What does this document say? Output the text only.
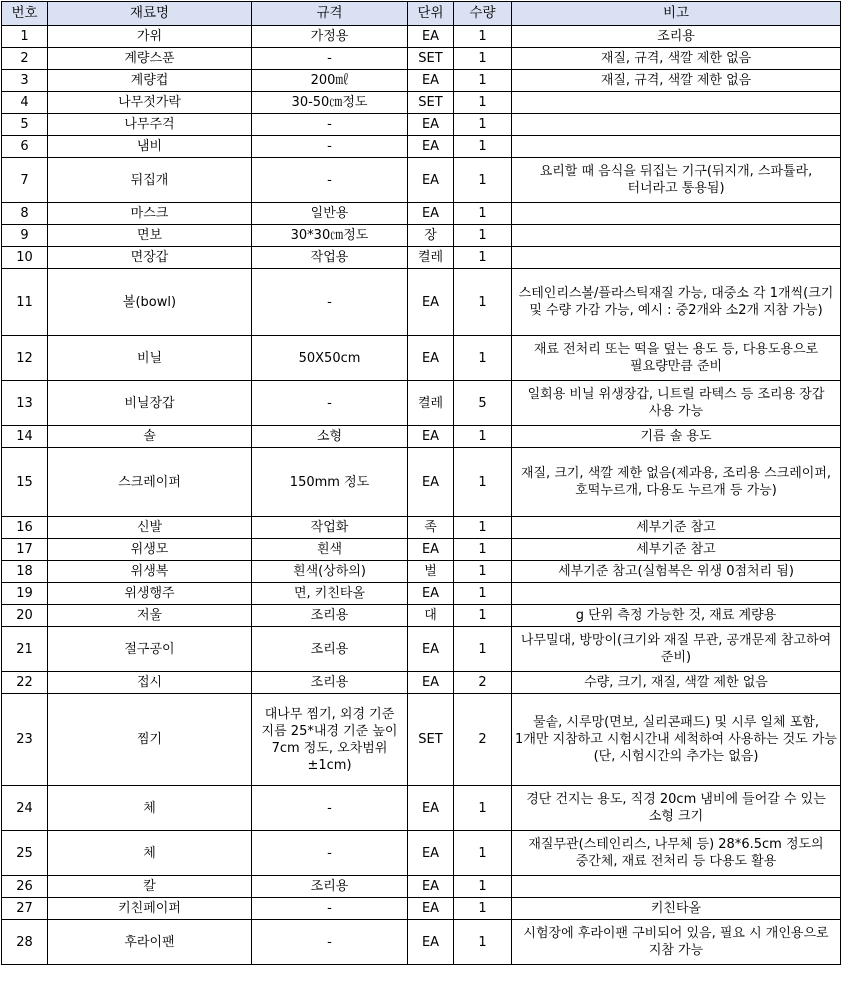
번호	재료명	규격	단위	수량	비고
1	가위	가정용	EA	1	조리용
2	계량스푼	-	SET	1	재질, 규격, 색깔 제한 없음
3	계량컵	200㎖	EA	1	재질, 규격, 색깔 제한 없음
4	나무젓가락	30-50㎝정도	SET	1	
5	나무주걱	-	EA	1	
6	냄비	-	EA	1	
7	뒤집개	-	EA	1	요리할 때 음식을 뒤집는 기구(뒤지개, 스파튤라, 터너라고 통용됨)
8	마스크	일반용	EA	1	
9	면보	30*30㎝정도	장	1	
10	면장갑	작업용	켤레	1	
11	볼(bowl)	-	EA	1	스테인리스볼/플라스틱재질 가능, 대중소 각 1개씩(크기 및 수량 가감 가능, 예시 : 중2개와 소2개 지참 가능)
12	비닐	50X50cm	EA	1	재료 전처리 또는 떡을 덮는 용도 등, 다용도용으로 필요량만큼 준비
13	비닐장갑	-	켤레	5	일회용 비닐 위생장갑, 니트릴 라텍스 등 조리용 장갑 사용 가능
14	솔	소형	EA	1	기름 솔 용도
15	스크레이퍼	150mm 정도	EA	1	재질, 크기, 색깔 제한 없음(제과용, 조리용 스크레이퍼, 호떡누르개, 다용도 누르개 등 가능)
16	신발	작업화	족	1	세부기준 참고
17	위생모	흰색	EA	1	세부기준 참고
18	위생복	흰색(상하의)	벌	1	세부기준 참고(실험복은 위생 0점처리 됨)
19	위생행주	면, 키친타올	EA	1	
20	저울	조리용	대	1	g 단위 측정 가능한 것, 재료 계량용
21	절구공이	조리용	EA	1	나무밀대, 방망이(크기와 재질 무관, 공개문제 참고하여 준비)
22	접시	조리용	EA	2	수량, 크기, 재질, 색깔 제한 없음
23	찜기	대나무 찜기, 외경 기준 지름 25*내경 기준 높이 7cm 정도, 오차범위±1cm)	SET	2	물솥, 시루망(면보, 실리콘패드) 및 시루 일체 포함, 1개만 지참하고 시험시간내 세척하여 사용하는 것도 가능(단, 시험시간의 추가는 없음)
24	체	-	EA	1	경단 건지는 용도, 직경 20cm 냄비에 들어갈 수 있는 소형 크기
25	체	-	EA	1	재질무관(스테인리스, 나무체 등) 28*6.5cm 정도의 중간체, 재료 전처리 등 다용도 활용
26	칼	조리용	EA	1	
27	키친페이퍼	-	EA	1	키친타올
28	후라이팬	-	EA	1	시험장에 후라이팬 구비되어 있음, 필요 시 개인용으로 지참 가능
